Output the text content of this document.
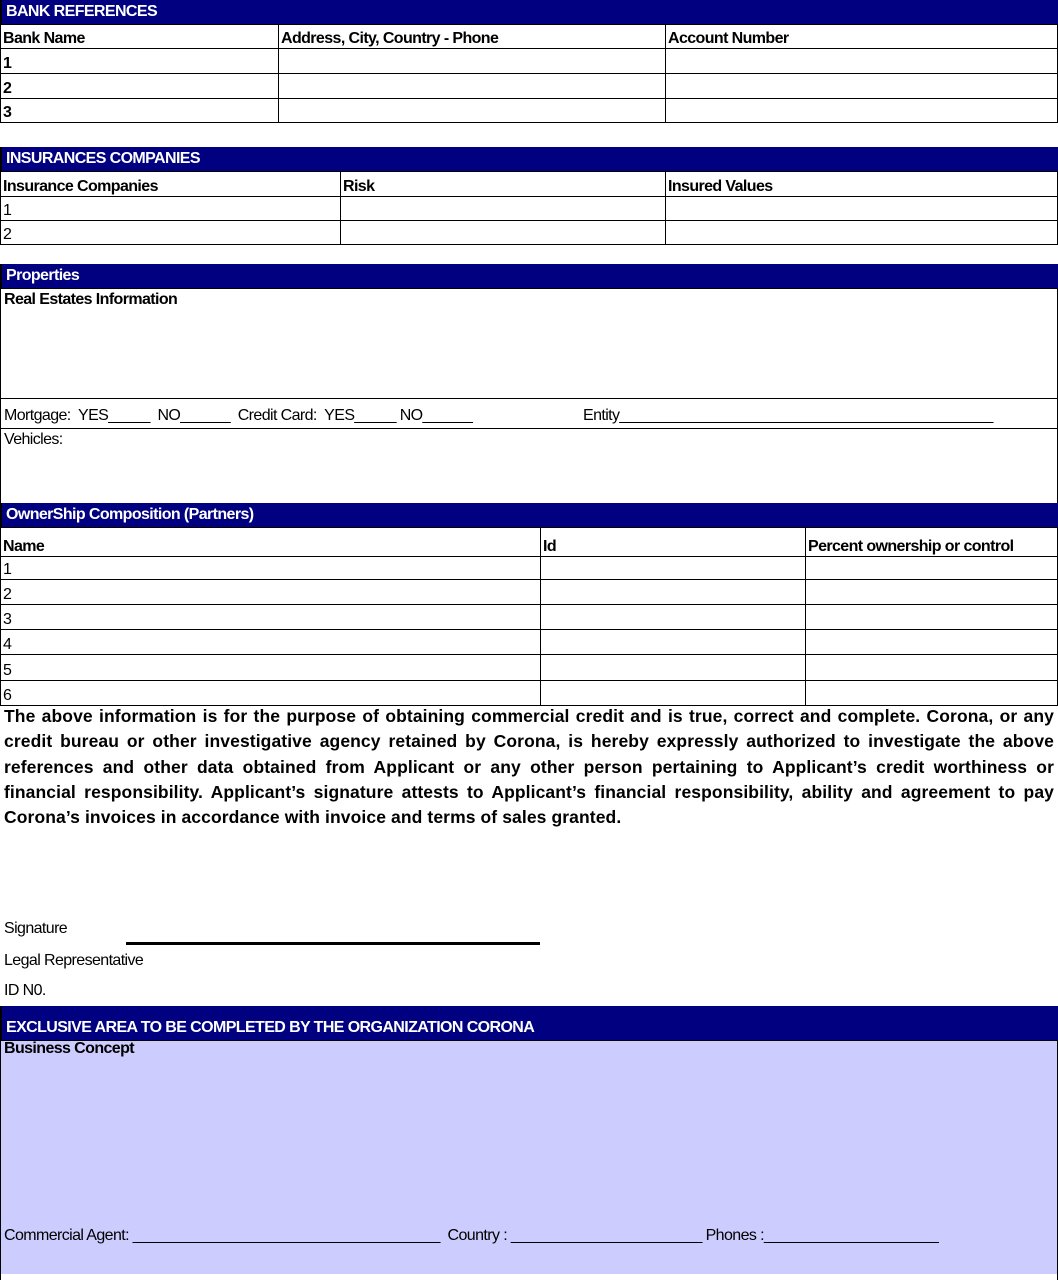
BANK REFERENCES
Bank Name	Address, City, Country - Phone	Account Number
1		
2		
3		
INSURANCES COMPANIES
Insurance Companies	Risk	Insured Values
1		
2		
Properties
Real Estates Information
Mortgage:  YES_____  NO______  Credit Card:  YES_____ NO______	Entity_____________________________________________
Vehicles:
OwnerShip Composition (Partners)
Name	Id	Percent ownership or control
1		
2		
3		
4		
5		
6		
The above information is for the purpose of obtaining commercial credit and is true, correct and complete. Corona, or any credit bureau or other investigative agency retained by Corona, is hereby expressly authorized to investigate the above references and other data obtained from Applicant or any other person pertaining to Applicant’s credit worthiness or financial responsibility. Applicant’s signature attests to Applicant’s financial responsibility, ability and agreement to pay Corona’s invoices in accordance with invoice and terms of sales granted.
Signature
Legal Representative
ID N0.
EXCLUSIVE AREA TO BE COMPLETED BY THE ORGANIZATION CORONA
Business Concept
Commercial Agent: _____________________________________  Country : _______________________ Phones :_____________________
